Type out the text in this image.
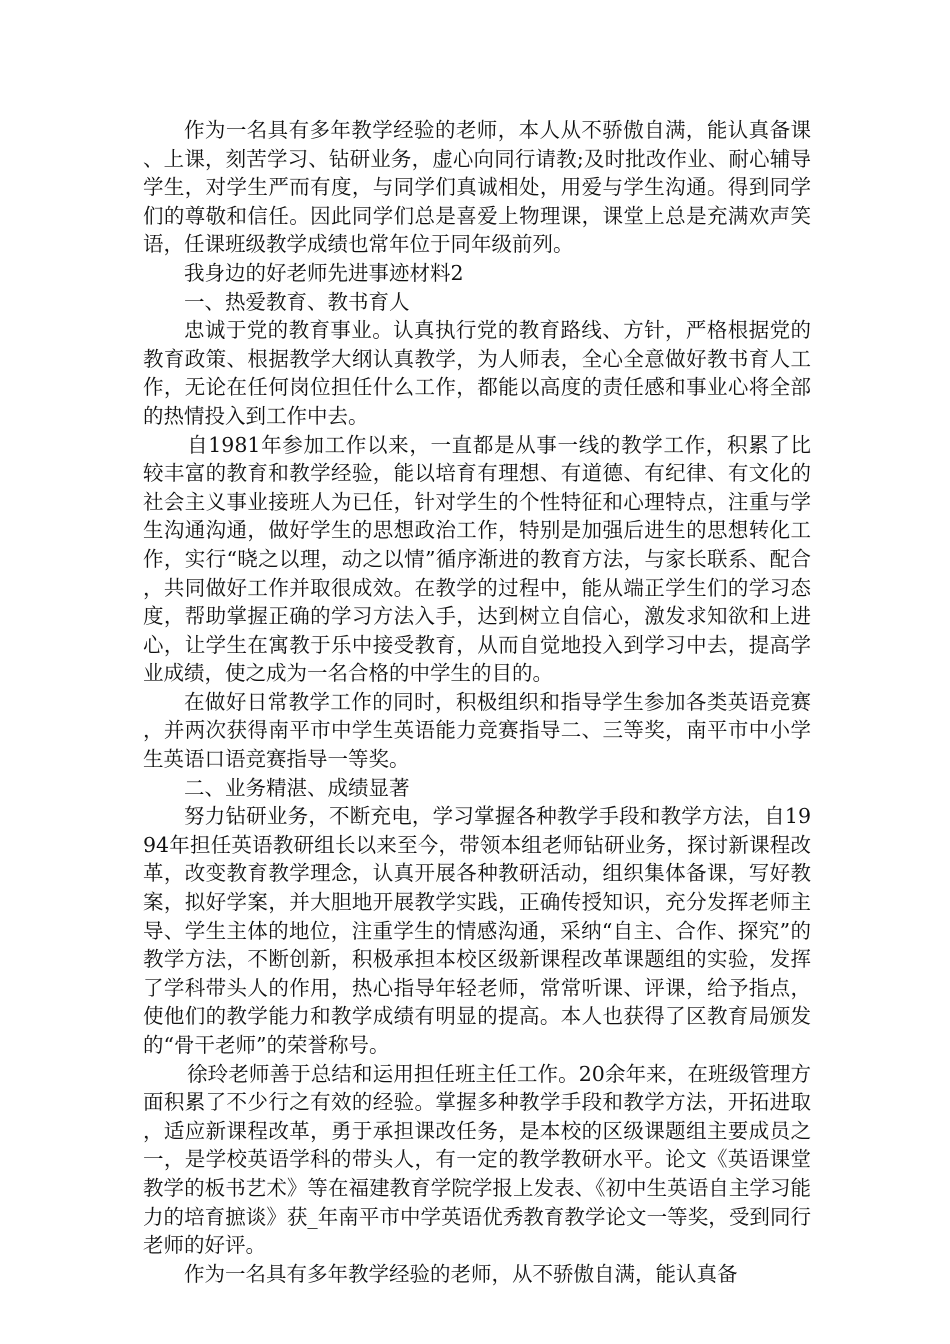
作为一名具有多年教学经验的老师，本人从不骄傲自满，能认真备课、上课，刻苦学习、钻研业务，虚心向同行请教;及时批改作业、耐心辅导学生，对学生严而有度，与同学们真诚相处，用爱与学生沟通。得到同学们的尊敬和信任。因此同学们总是喜爱上物理课，课堂上总是充满欢声笑语，任课班级教学成绩也常年位于同年级前列。

我身边的好老师先进事迹材料2

一、热爱教育、教书育人

忠诚于党的教育事业。认真执行党的教育路线、方针，严格根据党的教育政策、根据教学大纲认真教学，为人师表，全心全意做好教书育人工作，无论在任何岗位担任什么工作，都能以高度的责任感和事业心将全部的热情投入到工作中去。

自1981年参加工作以来，一直都是从事一线的教学工作，积累了比较丰富的教育和教学经验，能以培育有理想、有道德、有纪律、有文化的社会主义事业接班人为已任，针对学生的个性特征和心理特点，注重与学生沟通沟通，做好学生的思想政治工作，特别是加强后进生的思想转化工作，实行“晓之以理，动之以情”循序渐进的教育方法，与家长联系、配合，共同做好工作并取很成效。在教学的过程中，能从端正学生们的学习态度，帮助掌握正确的学习方法入手，达到树立自信心，激发求知欲和上进心，让学生在寓教于乐中接受教育，从而自觉地投入到学习中去，提高学业成绩，使之成为一名合格的中学生的目的。

在做好日常教学工作的同时，积极组织和指导学生参加各类英语竞赛，并两次获得南平市中学生英语能力竞赛指导二、三等奖，南平市中小学生英语口语竞赛指导一等奖。

二、业务精湛、成绩显著

努力钻研业务，不断充电，学习掌握各种教学手段和教学方法，自1994年担任英语教研组长以来至今，带领本组老师钻研业务，探讨新课程改革，改变教育教学理念，认真开展各种教研活动，组织集体备课，写好教案，拟好学案，并大胆地开展教学实践，正确传授知识，充分发挥老师主导、学生主体的地位，注重学生的情感沟通，采纳“自主、合作、探究”的教学方法，不断创新，积极承担本校区级新课程改革课题组的实验，发挥了学科带头人的作用，热心指导年轻老师，常常听课、评课，给予指点，使他们的教学能力和教学成绩有明显的提高。本人也获得了区教育局颁发的“骨干老师”的荣誉称号。

徐玲老师善于总结和运用担任班主任工作。20余年来，在班级管理方面积累了不少行之有效的经验。掌握多种教学手段和教学方法，开拓进取，适应新课程改革，勇于承担课改任务，是本校的区级课题组主要成员之一，是学校英语学科的带头人，有一定的教学教研水平。论文《英语课堂教学的板书艺术》等在福建教育学院学报上发表、《初中生英语自主学习能力的培育摭谈》获_年南平市中学英语优秀教育教学论文一等奖，受到同行老师的好评。

作为一名具有多年教学经验的老师，从不骄傲自满，能认真备
